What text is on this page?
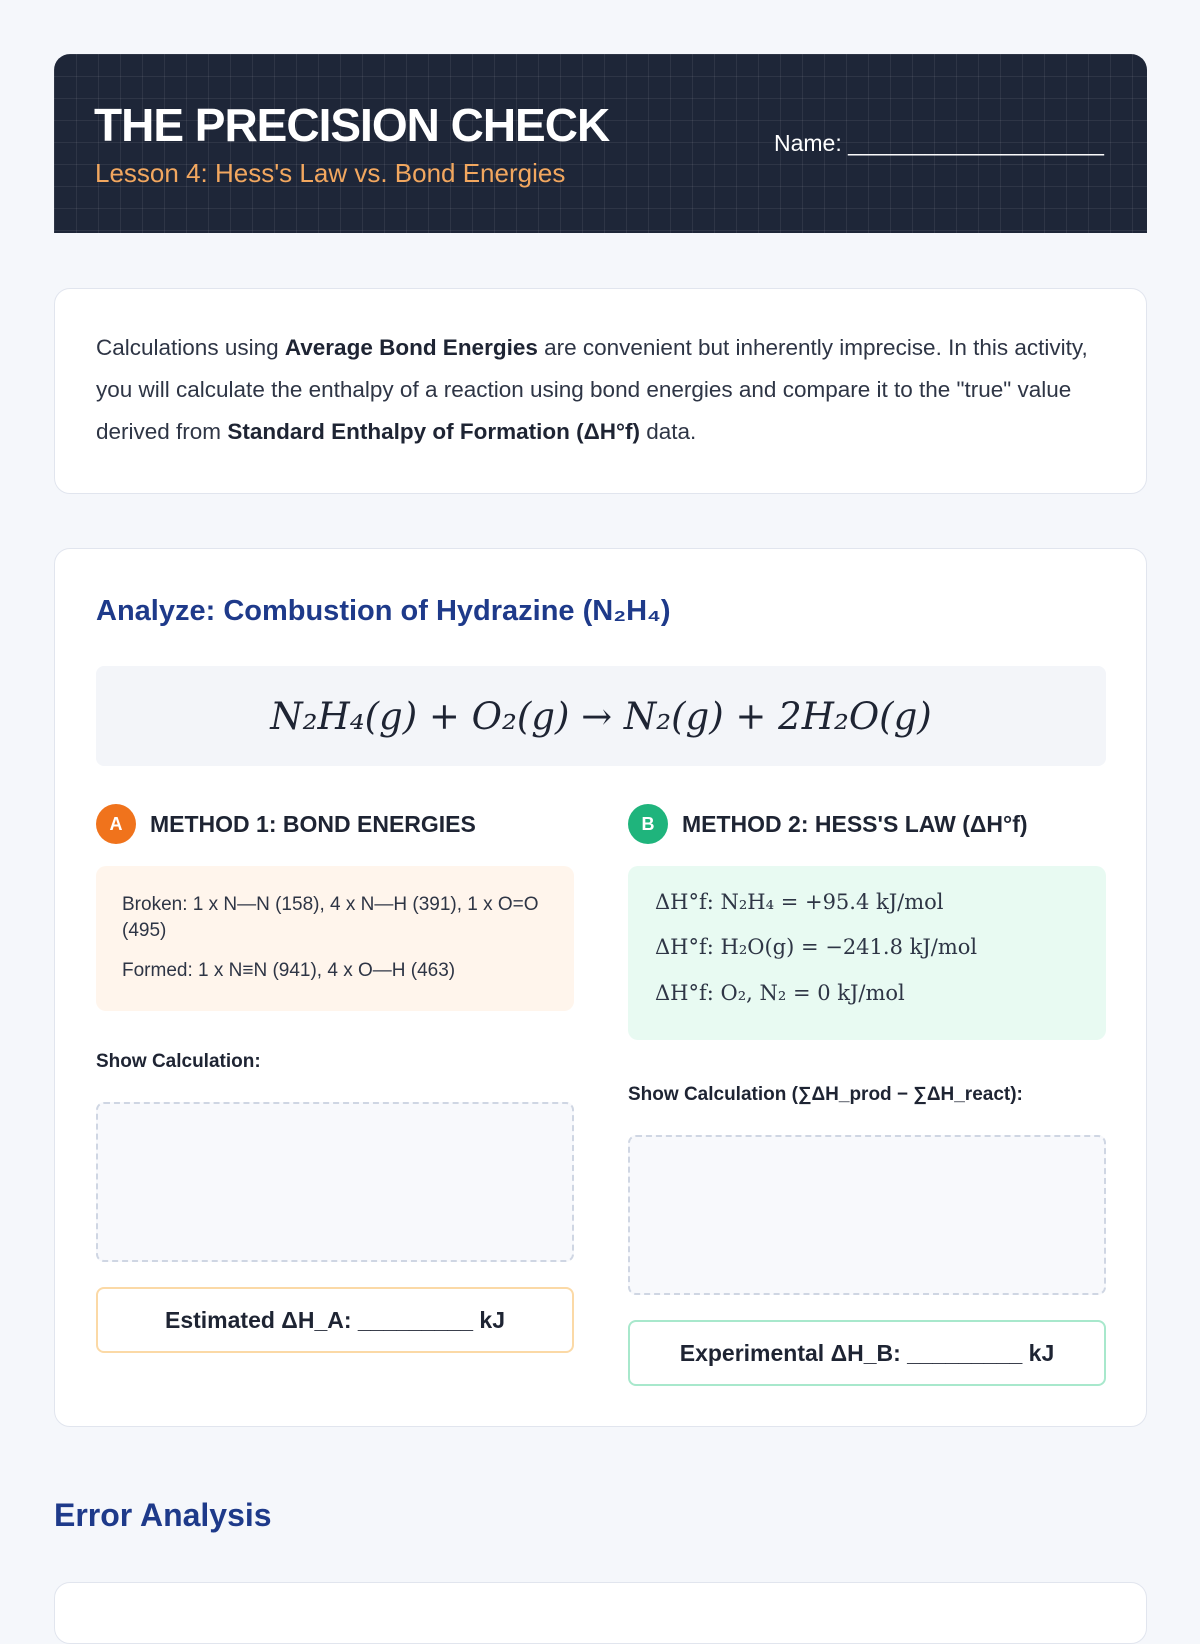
THE PRECISION CHECK
Lesson 4: Hess's Law vs. Bond Energies
Name: ____________________

Calculations using Average Bond Energies are convenient but inherently imprecise. In this activity, you will calculate the enthalpy of a reaction using bond energies and compare it to the "true" value derived from Standard Enthalpy of Formation (ΔH°f) data.

Analyze: Combustion of Hydrazine (N₂H₄)
N₂H₄(g) + O₂(g) → N₂(g) + 2H₂O(g)
A	METHOD 1: BOND ENERGIES

Broken: 1 x N—N (158), 4 x N—H (391), 1 x O=O (495)

Formed: 1 x N≡N (941), 4 x O—H (463)

Show Calculation:
Estimated ΔH_A: _________ kJ
B	METHOD 2: HESS'S LAW (ΔH°f)
ΔH°f: N₂H₄ = +95.4 kJ/mol
ΔH°f: H₂O(g) = −241.8 kJ/mol
ΔH°f: O₂, N₂ = 0 kJ/mol
Show Calculation (∑ΔH_prod − ∑ΔH_react):
Experimental ΔH_B: _________ kJ
Error Analysis
